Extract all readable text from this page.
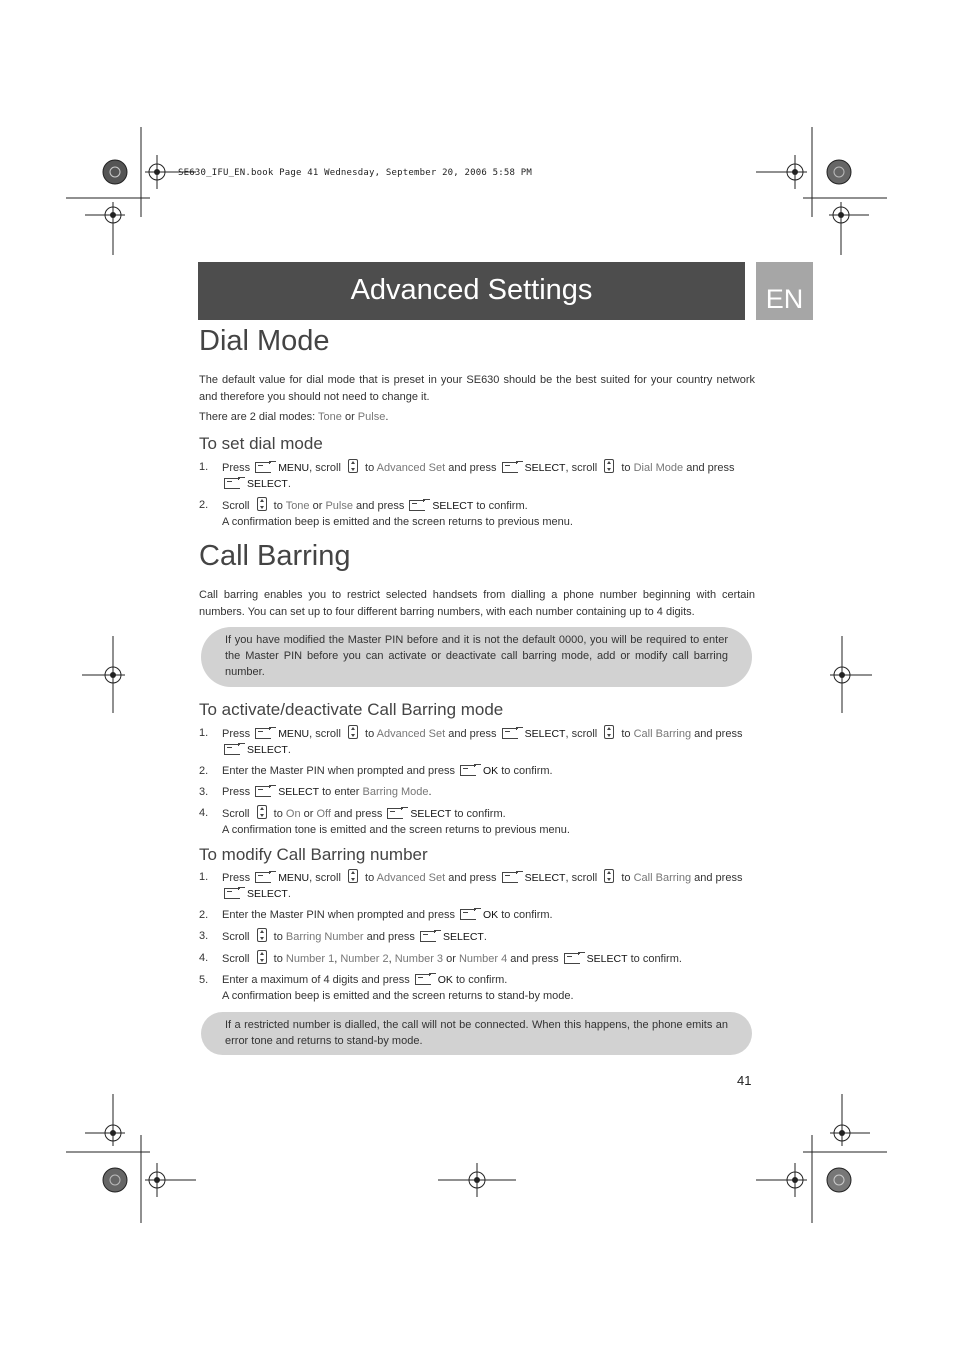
SE630_IFU_EN.book Page 41 Wednesday, September 20, 2006 5:58 PM
Advanced Settings	EN
Dial Mode
The default value for dial mode that is preset in your SE630 should be the best suited for your country network and therefore you should not need to change it.
There are 2 dial modes: Tone or Pulse.
To set dial mode
1. Press	MENU, scroll to Advanced Set and press	SELECT, scroll to Dial Mode and press

SELECT.
2. Scroll to Tone or Pulse and press	SELECT to confirm.
A confirmation beep is emitted and the screen returns to previous menu.
Call Barring
Call barring enables you to restrict selected handsets from dialling a phone number beginning with certain numbers. You can set up to four different barring numbers, with each number containing up to 4 digits.
If you have modified the Master PIN before and it is not the default 0000, you will be required to enter the Master PIN before you can activate or deactivate call barring mode, add or modify call barring number.
To activate/deactivate Call Barring mode
1. Press	MENU, scroll to Advanced Set and press	SELECT, scroll to Call Barring and press

SELECT.
2. Enter the Master PIN when prompted and press	OK to confirm.
3. Press	SELECT to enter Barring Mode.
4. Scroll to On or Off and press	SELECT to confirm.
A confirmation tone is emitted and the screen returns to previous menu.
To modify Call Barring number
1. Press	MENU, scroll to Advanced Set and press	SELECT, scroll to Call Barring and press

SELECT.
2. Enter the Master PIN when prompted and press	OK to confirm.
3. Scroll to Barring Number and press	SELECT.
4. Scroll to Number 1, Number 2, Number 3 or Number 4 and press	SELECT to confirm.
5. Enter a maximum of 4 digits and press	OK to confirm.
A confirmation beep is emitted and the screen returns to stand-by mode.
If a restricted number is dialled, the call will not be connected. When this happens, the phone emits an error tone and returns to stand-by mode.
41
